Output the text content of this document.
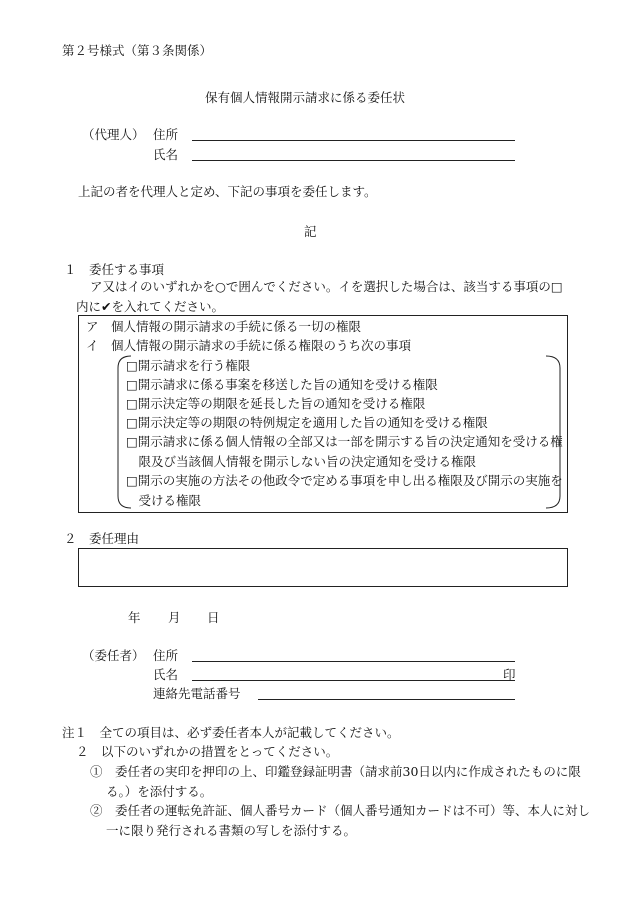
第２号様式（第３条関係）
保有個人情報開示請求に係る委任状
（代理人） 住所
氏名
上記の者を代理人と定め、下記の事項を委任します。
記
１　委任する事項
ア又はイのいずれかを○で囲んでください。イを選択した場合は、該当する事項の□内に✔を入れてください。
ア　個人情報の開示請求の手続に係る一切の権限
イ　個人情報の開示請求の手続に係る権限のうち次の事項
□開示請求を行う権限
□開示請求に係る事案を移送した旨の通知を受ける権限
□開示決定等の期限を延長した旨の通知を受ける権限
□開示決定等の期限の特例規定を適用した旨の通知を受ける権限
□開示請求に係る個人情報の全部又は一部を開示する旨の決定通知を受ける権限及び当該個人情報を開示しない旨の決定通知を受ける権限
□開示の実施の方法その他政令で定める事項を申し出る権限及び開示の実施を受ける権限
２　委任理由
年 月 日
（委任者） 住所
氏名	印
連絡先電話番号
注１　全ての項目は、必ず委任者本人が記載してください。
２　以下のいずれかの措置をとってください。
①　委任者の実印を押印の上、印鑑登録証明書（請求前30日以内に作成されたものに限る。）を添付する。
②　委任者の運転免許証、個人番号カード（個人番号通知カードは不可）等、本人に対し一に限り発行される書類の写しを添付する。
